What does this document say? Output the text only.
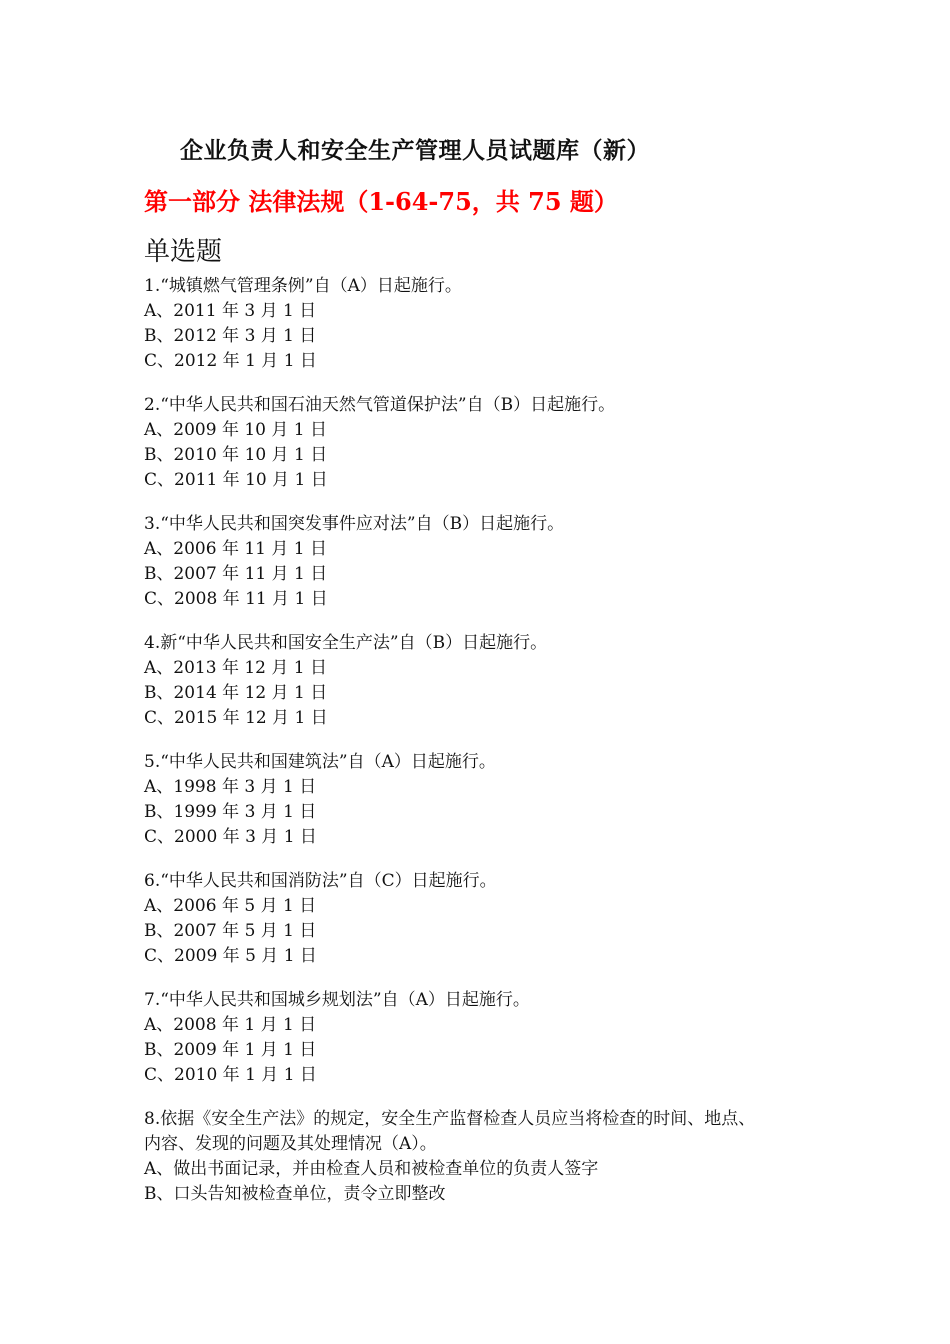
企业负责人和安全生产管理人员试题库（新）
第一部分 法律法规（1-64-75，共 75 题）
单选题
1.“城镇燃气管理条例”自（A）日起施行。
A、2011 年 3 月 1 日
B、2012 年 3 月 1 日
C、2012 年 1 月 1 日
2.“中华人民共和国石油天然气管道保护法”自（B）日起施行。
A、2009 年 10 月 1 日
B、2010 年 10 月 1 日
C、2011 年 10 月 1 日
3.“中华人民共和国突发事件应对法”自（B）日起施行。
A、2006 年 11 月 1 日
B、2007 年 11 月 1 日
C、2008 年 11 月 1 日
4.新“中华人民共和国安全生产法”自（B）日起施行。
A、2013 年 12 月 1 日
B、2014 年 12 月 1 日
C、2015 年 12 月 1 日
5.“中华人民共和国建筑法”自（A）日起施行。
A、1998 年 3 月 1 日
B、1999 年 3 月 1 日
C、2000 年 3 月 1 日
6.“中华人民共和国消防法”自（C）日起施行。
A、2006 年 5 月 1 日
B、2007 年 5 月 1 日
C、2009 年 5 月 1 日
7.“中华人民共和国城乡规划法”自（A）日起施行。
A、2008 年 1 月 1 日
B、2009 年 1 月 1 日
C、2010 年 1 月 1 日
8.依据《安全生产法》的规定，安全生产监督检查人员应当将检查的时间、地点、
内容、发现的问题及其处理情况（A）。
A、做出书面记录，并由检查人员和被检查单位的负责人签字
B、口头告知被检查单位，责令立即整改
